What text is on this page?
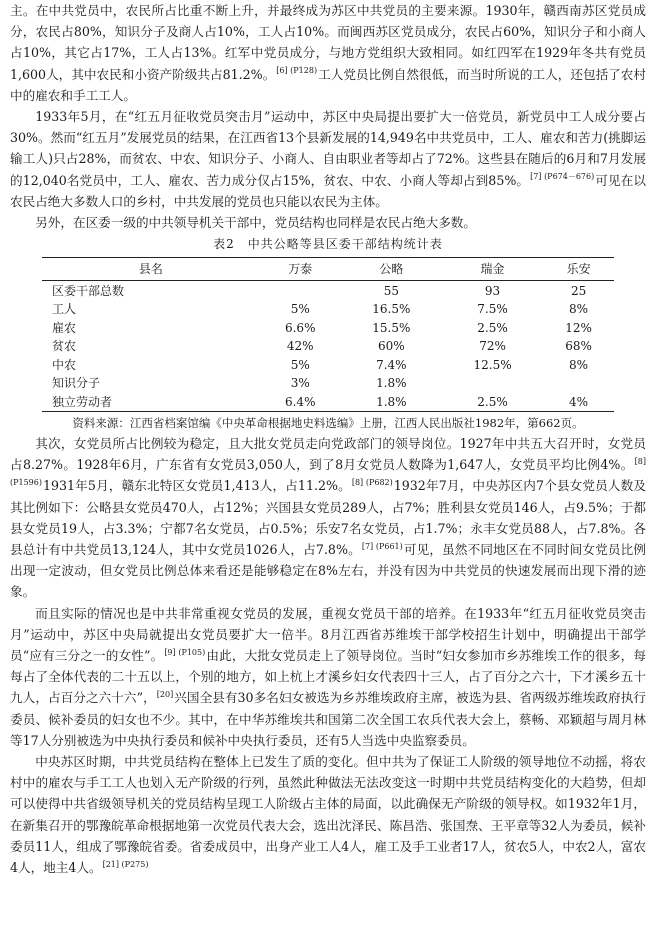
主。在中共党员中，农民所占比重不断上升，并最终成为苏区中共党员的主要来源。1930年，赣西南苏区党员成分，农民占80%，知识分子及商人占10%，工人占10%。而闽西苏区党员成分，农民占60%，知识分子和小商人占10%，其它占17%，工人占13%。红军中党员成分，与地方党组织大致相同。如红四军在1929年冬共有党员1,600人，其中农民和小资产阶级共占81.2%。$^{[6] (P128)}$工人党员比例自然很低，而当时所说的工人，还包括了农村中的雇农和手工工人。

1933年5月，在“红五月征收党员突击月”运动中，苏区中央局提出要扩大一倍党员，新党员中工人成分要占30%。然而“红五月”发展党员的结果，在江西省13个县新发展的14,949名中共党员中，工人、雇农和苦力(挑脚运输工人)只占28%，而贫农、中农、知识分子、小商人、自由职业者等却占了72%。这些县在随后的6月和7月发展的12,040名党员中，工人、雇农、苦力成分仅占15%，贫农、中农、小商人等却占到85%。$^{[7] (P674-676)}$可见在以农民占绝大多数人口的乡村，中共发展的党员也只能以农民为主体。

另外，在区委一级的中共领导机关干部中，党员结构也同样是农民占绝大多数。

表2　中共公略等县区委干部结构统计表
县名	万泰	公略	瑞金	乐安
区委干部总数		55	93	25
工人	5%	16.5%	7.5%	8%
雇农	6.6%	15.5%	2.5%	12%
贫农	42%	60%	72%	68%
中农	5%	7.4%	12.5%	8%
知识分子	3%	1.8%		
独立劳动者	6.4%	1.8%	2.5%	4%
资料来源：江西省档案馆编《中央革命根据地史料选编》上册，江西人民出版社1982年，第662页。

其次，女党员所占比例较为稳定，且大批女党员走向党政部门的领导岗位。1927年中共五大召开时，女党员占8.27%。1928年6月，广东省有女党员3,050人，到了8月女党员人数降为1,647人，女党员平均比例4%。$^{[8] (P1596)}$1931年5月，赣东北特区女党员1,413人，占11.2%。$^{[8] (P682)}$1932年7月，中央苏区内7个县女党员人数及其比例如下：公略县女党员470人，占12%；兴国县女党员289人，占7%；胜利县女党员146人，占9.5%；于都县女党员19人，占3.3%；宁都7名女党员，占0.5%；乐安7名女党员，占1.7%；永丰女党员88人，占7.8%。各县总计有中共党员13,124人，其中女党员1026人，占7.8%。$^{[7] (P661)}$可见，虽然不同地区在不同时间女党员比例出现一定波动，但女党员比例总体来看还是能够稳定在8%左右，并没有因为中共党员的快速发展而出现下滑的迹象。

而且实际的情况也是中共非常重视女党员的发展，重视女党员干部的培养。在1933年“红五月征收党员突击月”运动中，苏区中央局就提出女党员要扩大一倍半。8月江西省苏维埃干部学校招生计划中，明确提出干部学员“应有三分之一的女性”。$^{[9] (P105)}$由此，大批女党员走上了领导岗位。当时“妇女参加市乡苏维埃工作的很多，每每占了全体代表的二十五以上，个别的地方，如上杭上才溪乡妇女代表四十三人，占了百分之六十，下才溪乡五十九人，占百分之六十六”，[20]兴国全县有30多名妇女被选为乡苏维埃政府主席，被选为县、省两级苏维埃政府执行委员、候补委员的妇女也不少。其中，在中华苏维埃共和国第二次全国工农兵代表大会上，蔡畅、邓颖超与周月林等17人分别被选为中央执行委员和候补中央执行委员，还有5人当选中央监察委员。

中央苏区时期，中共党员结构在整体上已发生了质的变化。但中共为了保证工人阶级的领导地位不动摇，将农村中的雇农与手工工人也划入无产阶级的行列，虽然此种做法无法改变这一时期中共党员结构变化的大趋势，但却可以使得中共省级领导机关的党员结构呈现工人阶级占主体的局面，以此确保无产阶级的领导权。如1932年1月，在新集召开的鄂豫皖革命根据地第一次党员代表大会，选出沈泽民、陈昌浩、张国焘、王平章等32人为委员，候补委员11人，组成了鄂豫皖省委。省委成员中，出身产业工人4人，雇工及手工业者17人，贫农5人，中农2人，富农4人，地主4人。$^{[21] (P275)}$
